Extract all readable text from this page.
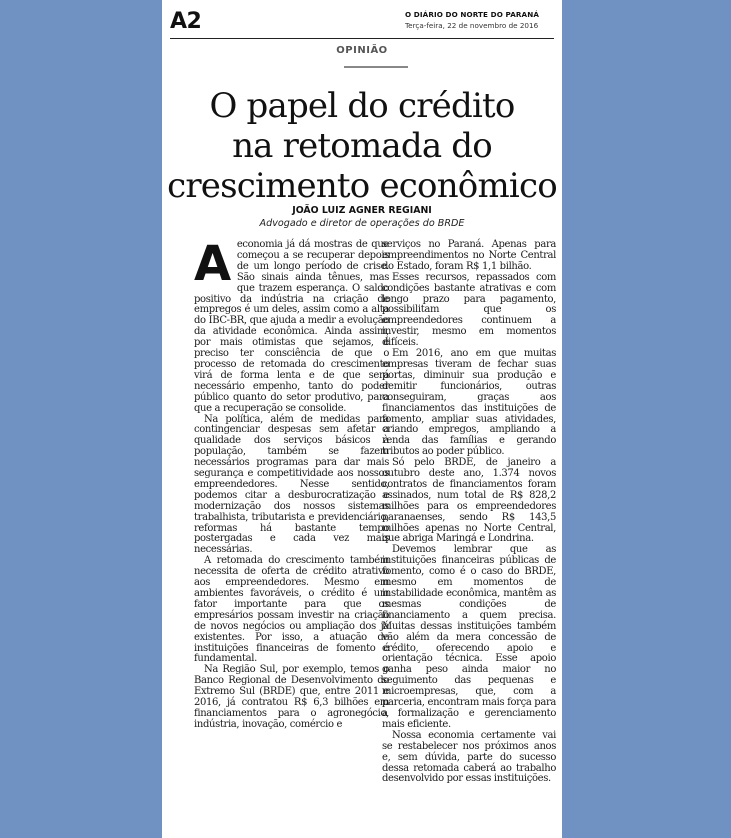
A2	O DIÁRIO DO NORTE DO PARANÁ
Terça-feira, 22 de novembro de 2016
OPINIÃO
O papel do crédito
na retomada do
crescimento econômico
JOÃO LUIZ AGNER REGIANI
Advogado e diretor de operações do BRDE
A economia já dá mostras de que começou a se recuperar depois de um longo período de crise. São sinais ainda tênues, mas que trazem esperança. O saldo positivo da indústria na criação de empregos é um deles, assim como a alta do IBC-BR, que ajuda a medir a evolução da atividade econômica. Ainda assim, por mais otimistas que sejamos, é preciso ter consciência de que o processo de retomada do crescimento virá de forma lenta e de que será necessário empenho, tanto do poder público quanto do setor produtivo, para que a recuperação se consolide.

Na política, além de medidas para contingenciar despesas sem afetar a qualidade dos serviços básicos à população, também se fazem necessários programas para dar mais segurança e competitividade aos nossos empreendedores. Nesse sentido, podemos citar a desburocratização e modernização dos nossos sistemas trabalhista, tributarista e previdenciário, reformas há bastante tempo postergadas e cada vez mais necessárias.

A retomada do crescimento também necessita de oferta de crédito atrativo aos empreendedores. Mesmo em ambientes favoráveis, o crédito é um fator importante para que os empresários possam investir na criação de novos negócios ou ampliação dos já existentes. Por isso, a atuação de instituições financeiras de fomento é fundamental.

Na Região Sul, por exemplo, temos o Banco Regional de Desenvolvimento do Extremo Sul (BRDE) que, entre 2011 e 2016, já contratou R$ 6,3 bilhões em financiamentos para o agronegócio, indústria, inovação, comércio e

serviços no Paraná. Apenas para empreendimentos no Norte Central do Estado, foram R$ 1,1 bilhão.

Esses recursos, repassados com condições bastante atrativas e com longo prazo para pagamento, possibilitam que os empreendedores continuem a investir, mesmo em momentos difíceis.

Em 2016, ano em que muitas empresas tiveram de fechar suas portas, diminuir sua produção e demitir funcionários, outras conseguiram, graças aos financiamentos das instituições de fomento, ampliar suas atividades, criando empregos, ampliando a renda das famílias e gerando tributos ao poder público.

Só pelo BRDE, de janeiro a outubro deste ano, 1.374 novos contratos de financiamentos foram assinados, num total de R$ 828,2 milhões para os empreendedores paranaenses, sendo R$ 143,5 milhões apenas no Norte Central, que abriga Maringá e Londrina.

Devemos lembrar que as instituições financeiras públicas de fomento, como é o caso do BRDE, mesmo em momentos de instabilidade econômica, mantêm as mesmas condições de financiamento a quem precisa. Muitas dessas instituições também vão além da mera concessão de crédito, oferecendo apoio e orientação técnica. Esse apoio ganha peso ainda maior no seguimento das pequenas e microempresas, que, com a parceria, encontram mais força para a formalização e gerenciamento mais eficiente.

Nossa economia certamente vai se restabelecer nos próximos anos e, sem dúvida, parte do sucesso dessa retomada caberá ao trabalho desenvolvido por essas instituições.
